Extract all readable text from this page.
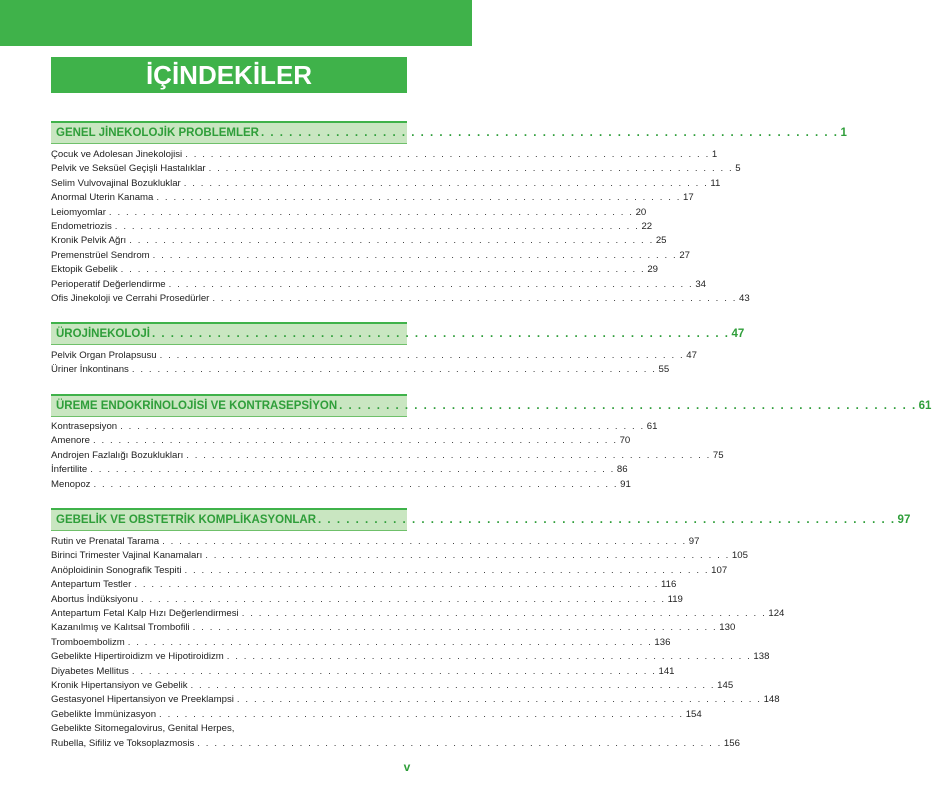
İÇİNDEKİLER
GENEL JİNEKOLOJİK PROBLEMLER . . . . . . . . . . . . . . . . . . . . . . . . . . . . . . . . . . . . . . . . . . . . . . . . . . . . . . . . . . . . . . 1
Çocuk ve Adolesan Jinekolojisi . . . . . . . . . . . . . . . . . . . . . . . . . . . . . . . . . . . . . . . . . . . . . . . . . . . . . . . . . . . . . . 1
Pelvik ve Seksüel Geçişli Hastalıklar . . . . . . . . . . . . . . . . . . . . . . . . . . . . . . . . . . . . . . . . . . . . . . . . . . . . . . . . . . . . . . 5
Selim Vulvovajinal Bozukluklar . . . . . . . . . . . . . . . . . . . . . . . . . . . . . . . . . . . . . . . . . . . . . . . . . . . . . . . . . . . . . . 11
Anormal Uterin Kanama . . . . . . . . . . . . . . . . . . . . . . . . . . . . . . . . . . . . . . . . . . . . . . . . . . . . . . . . . . . . . . 17
Leiomyomlar . . . . . . . . . . . . . . . . . . . . . . . . . . . . . . . . . . . . . . . . . . . . . . . . . . . . . . . . . . . . . . 20
Endometriozis . . . . . . . . . . . . . . . . . . . . . . . . . . . . . . . . . . . . . . . . . . . . . . . . . . . . . . . . . . . . . . 22
Kronik Pelvik Ağrı . . . . . . . . . . . . . . . . . . . . . . . . . . . . . . . . . . . . . . . . . . . . . . . . . . . . . . . . . . . . . . 25
Premenstrüel Sendrom . . . . . . . . . . . . . . . . . . . . . . . . . . . . . . . . . . . . . . . . . . . . . . . . . . . . . . . . . . . . . . 27
Ektopik Gebelik . . . . . . . . . . . . . . . . . . . . . . . . . . . . . . . . . . . . . . . . . . . . . . . . . . . . . . . . . . . . . . 29
Perioperatif Değerlendirme . . . . . . . . . . . . . . . . . . . . . . . . . . . . . . . . . . . . . . . . . . . . . . . . . . . . . . . . . . . . . . 34
Ofis Jinekoloji ve Cerrahi Prosedürler . . . . . . . . . . . . . . . . . . . . . . . . . . . . . . . . . . . . . . . . . . . . . . . . . . . . . . . . . . . . . . 43
ÜROJİNEKOLOJİ . . . . . . . . . . . . . . . . . . . . . . . . . . . . . . . . . . . . . . . . . . . . . . . . . . . . . . . . . . . . . . 47
Pelvik Organ Prolapsusu . . . . . . . . . . . . . . . . . . . . . . . . . . . . . . . . . . . . . . . . . . . . . . . . . . . . . . . . . . . . . . 47
Üriner İnkontinans . . . . . . . . . . . . . . . . . . . . . . . . . . . . . . . . . . . . . . . . . . . . . . . . . . . . . . . . . . . . . . 55
ÜREME ENDOKRİNOLOJİSİ VE KONTRASEPSİYON . . . . . . . . . . . . . . . . . . . . . . . . . . . . . . . . . . . . . . . . . . . . . . . . . . . . . . . . . . . . . . 61
Kontrasepsiyon . . . . . . . . . . . . . . . . . . . . . . . . . . . . . . . . . . . . . . . . . . . . . . . . . . . . . . . . . . . . . . 61
Amenore . . . . . . . . . . . . . . . . . . . . . . . . . . . . . . . . . . . . . . . . . . . . . . . . . . . . . . . . . . . . . . 70
Androjen Fazlalığı Bozuklukları . . . . . . . . . . . . . . . . . . . . . . . . . . . . . . . . . . . . . . . . . . . . . . . . . . . . . . . . . . . . . . 75
İnfertilite . . . . . . . . . . . . . . . . . . . . . . . . . . . . . . . . . . . . . . . . . . . . . . . . . . . . . . . . . . . . . . 86
Menopoz . . . . . . . . . . . . . . . . . . . . . . . . . . . . . . . . . . . . . . . . . . . . . . . . . . . . . . . . . . . . . . 91
GEBELİK VE OBSTETRİK KOMPLİKASYONLAR . . . . . . . . . . . . . . . . . . . . . . . . . . . . . . . . . . . . . . . . . . . . . . . . . . . . . . . . . . . . . . 97
Rutin ve Prenatal Tarama . . . . . . . . . . . . . . . . . . . . . . . . . . . . . . . . . . . . . . . . . . . . . . . . . . . . . . . . . . . . . . 97
Birinci Trimester Vajinal Kanamaları . . . . . . . . . . . . . . . . . . . . . . . . . . . . . . . . . . . . . . . . . . . . . . . . . . . . . . . . . . . . . . 105
Anöploidinin Sonografik Tespiti . . . . . . . . . . . . . . . . . . . . . . . . . . . . . . . . . . . . . . . . . . . . . . . . . . . . . . . . . . . . . . 107
Antepartum Testler . . . . . . . . . . . . . . . . . . . . . . . . . . . . . . . . . . . . . . . . . . . . . . . . . . . . . . . . . . . . . . 116
Abortus İndüksiyonu . . . . . . . . . . . . . . . . . . . . . . . . . . . . . . . . . . . . . . . . . . . . . . . . . . . . . . . . . . . . . . 119
Antepartum Fetal Kalp Hızı Değerlendirmesi . . . . . . . . . . . . . . . . . . . . . . . . . . . . . . . . . . . . . . . . . . . . . . . . . . . . . . . . . . . . . . 124
Kazanılmış ve Kalıtsal Trombofili . . . . . . . . . . . . . . . . . . . . . . . . . . . . . . . . . . . . . . . . . . . . . . . . . . . . . . . . . . . . . . 130
Tromboembolizm . . . . . . . . . . . . . . . . . . . . . . . . . . . . . . . . . . . . . . . . . . . . . . . . . . . . . . . . . . . . . . 136
Gebelikte Hipertiroidizm ve Hipotiroidizm . . . . . . . . . . . . . . . . . . . . . . . . . . . . . . . . . . . . . . . . . . . . . . . . . . . . . . . . . . . . . . 138
Diyabetes Mellitus . . . . . . . . . . . . . . . . . . . . . . . . . . . . . . . . . . . . . . . . . . . . . . . . . . . . . . . . . . . . . . 141
Kronik Hipertansiyon ve Gebelik . . . . . . . . . . . . . . . . . . . . . . . . . . . . . . . . . . . . . . . . . . . . . . . . . . . . . . . . . . . . . . 145
Gestasyonel Hipertansiyon ve Preeklampsi . . . . . . . . . . . . . . . . . . . . . . . . . . . . . . . . . . . . . . . . . . . . . . . . . . . . . . . . . . . . . . 148
Gebelikte İmmünizasyon . . . . . . . . . . . . . . . . . . . . . . . . . . . . . . . . . . . . . . . . . . . . . . . . . . . . . . . . . . . . . . 154
Gebelikte Sitomegalovirus, Genital Herpes,
Rubella, Sifiliz ve Toksoplazmosis . . . . . . . . . . . . . . . . . . . . . . . . . . . . . . . . . . . . . . . . . . . . . . . . . . . . . . . . . . . . . . 156
v
